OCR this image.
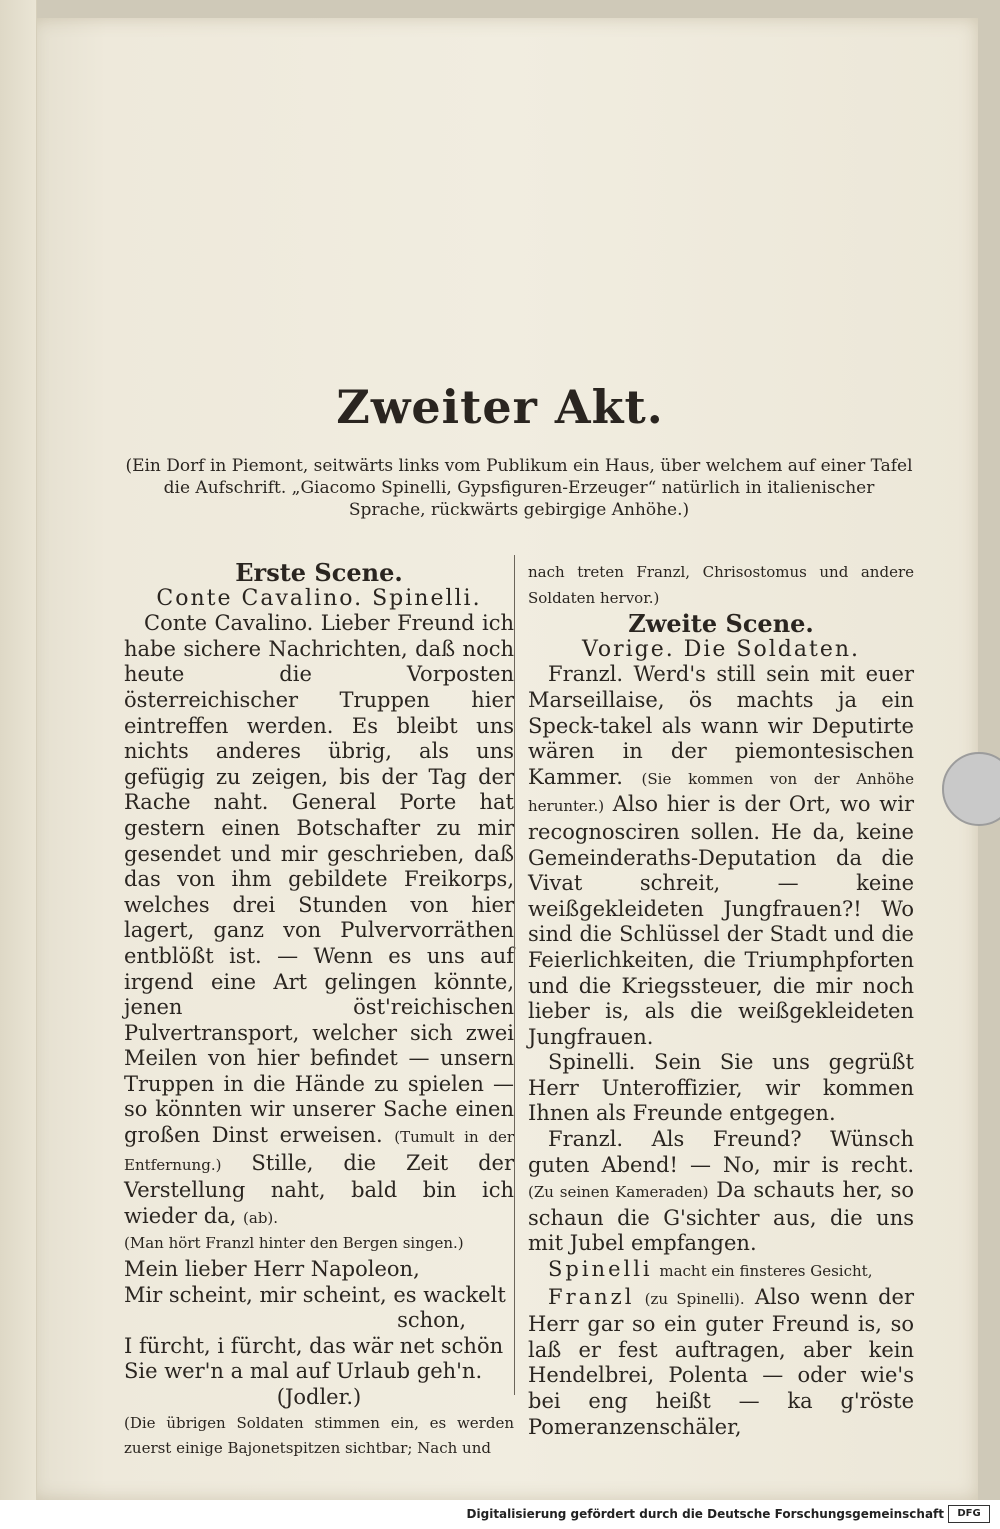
Zweiter Akt.
(Ein Dorf in Piemont, seitwärts links vom Publikum ein Haus, über welchem auf einer Tafel die Aufschrift. „Giacomo Spinelli, Gypsfiguren-Erzeuger“ natürlich in italienischer Sprache, rückwärts gebirgige Anhöhe.)

Erste Scene.

Conte Cavalino. Spinelli.

Conte Cavalino. Lieber Freund ich habe sichere Nachrichten, daß noch heute die Vorposten österreichischer Truppen hier eintreffen werden. Es bleibt uns nichts anderes übrig, als uns gefügig zu zeigen, bis der Tag der Rache naht. General Porte hat gestern einen Botschafter zu mir gesendet und mir geschrieben, daß das von ihm gebildete Freikorps, welches drei Stunden von hier lagert, ganz von Pulvervorräthen entblößt ist. — Wenn es uns auf irgend eine Art gelingen könnte, jenen öst'reichischen Pulvertransport, welcher sich zwei Meilen von hier befindet — unsern Truppen in die Hände zu spielen — so könnten wir unserer Sache einen großen Dinst erweisen. (Tumult in der Entfernung.) Stille, die Zeit der Verstellung naht, bald bin ich wieder da, (ab).

(Man hört Franzl hinter den Bergen singen.)

Mein lieber Herr Napoleon,

Mir scheint, mir scheint, es wackelt

schon,

I fürcht, i fürcht, das wär net schön

Sie wer'n a mal auf Urlaub geh'n.

(Jodler.)

(Die übrigen Soldaten stimmen ein, es werden zuerst einige Bajonetspitzen sichtbar; Nach und

nach treten Franzl, Chrisostomus und andere Soldaten hervor.)

Zweite Scene.

Vorige. Die Soldaten.

Franzl. Werd's still sein mit euer Marseillaise, ös machts ja ein Speck-takel als wann wir Deputirte wären in der piemontesischen Kammer. (Sie kommen von der Anhöhe herunter.) Also hier is der Ort, wo wir recognosciren sollen. He da, keine Gemeinderaths-Deputation da die Vivat schreit, — keine weißgekleideten Jungfrauen?! Wo sind die Schlüssel der Stadt und die Feierlichkeiten, die Triumphpforten und die Kriegssteuer, die mir noch lieber is, als die weißgekleideten Jungfrauen.

Spinelli. Sein Sie uns gegrüßt Herr Unteroffizier, wir kommen Ihnen als Freunde entgegen.

Franzl. Als Freund? Wünsch guten Abend! — No, mir is recht. (Zu seinen Kameraden) Da schauts her, so schaun die G'sichter aus, die uns mit Jubel empfangen.

Spinelli macht ein finsteres Gesicht,

Franzl (zu Spinelli). Also wenn der Herr gar so ein guter Freund is, so laß er fest auftragen, aber kein Hendelbrei, Polenta — oder wie's bei eng heißt — ka g'röste Pomeranzenschäler,

Digitalisierung gefördert durch die Deutsche Forschungsgemeinschaft	DFG
